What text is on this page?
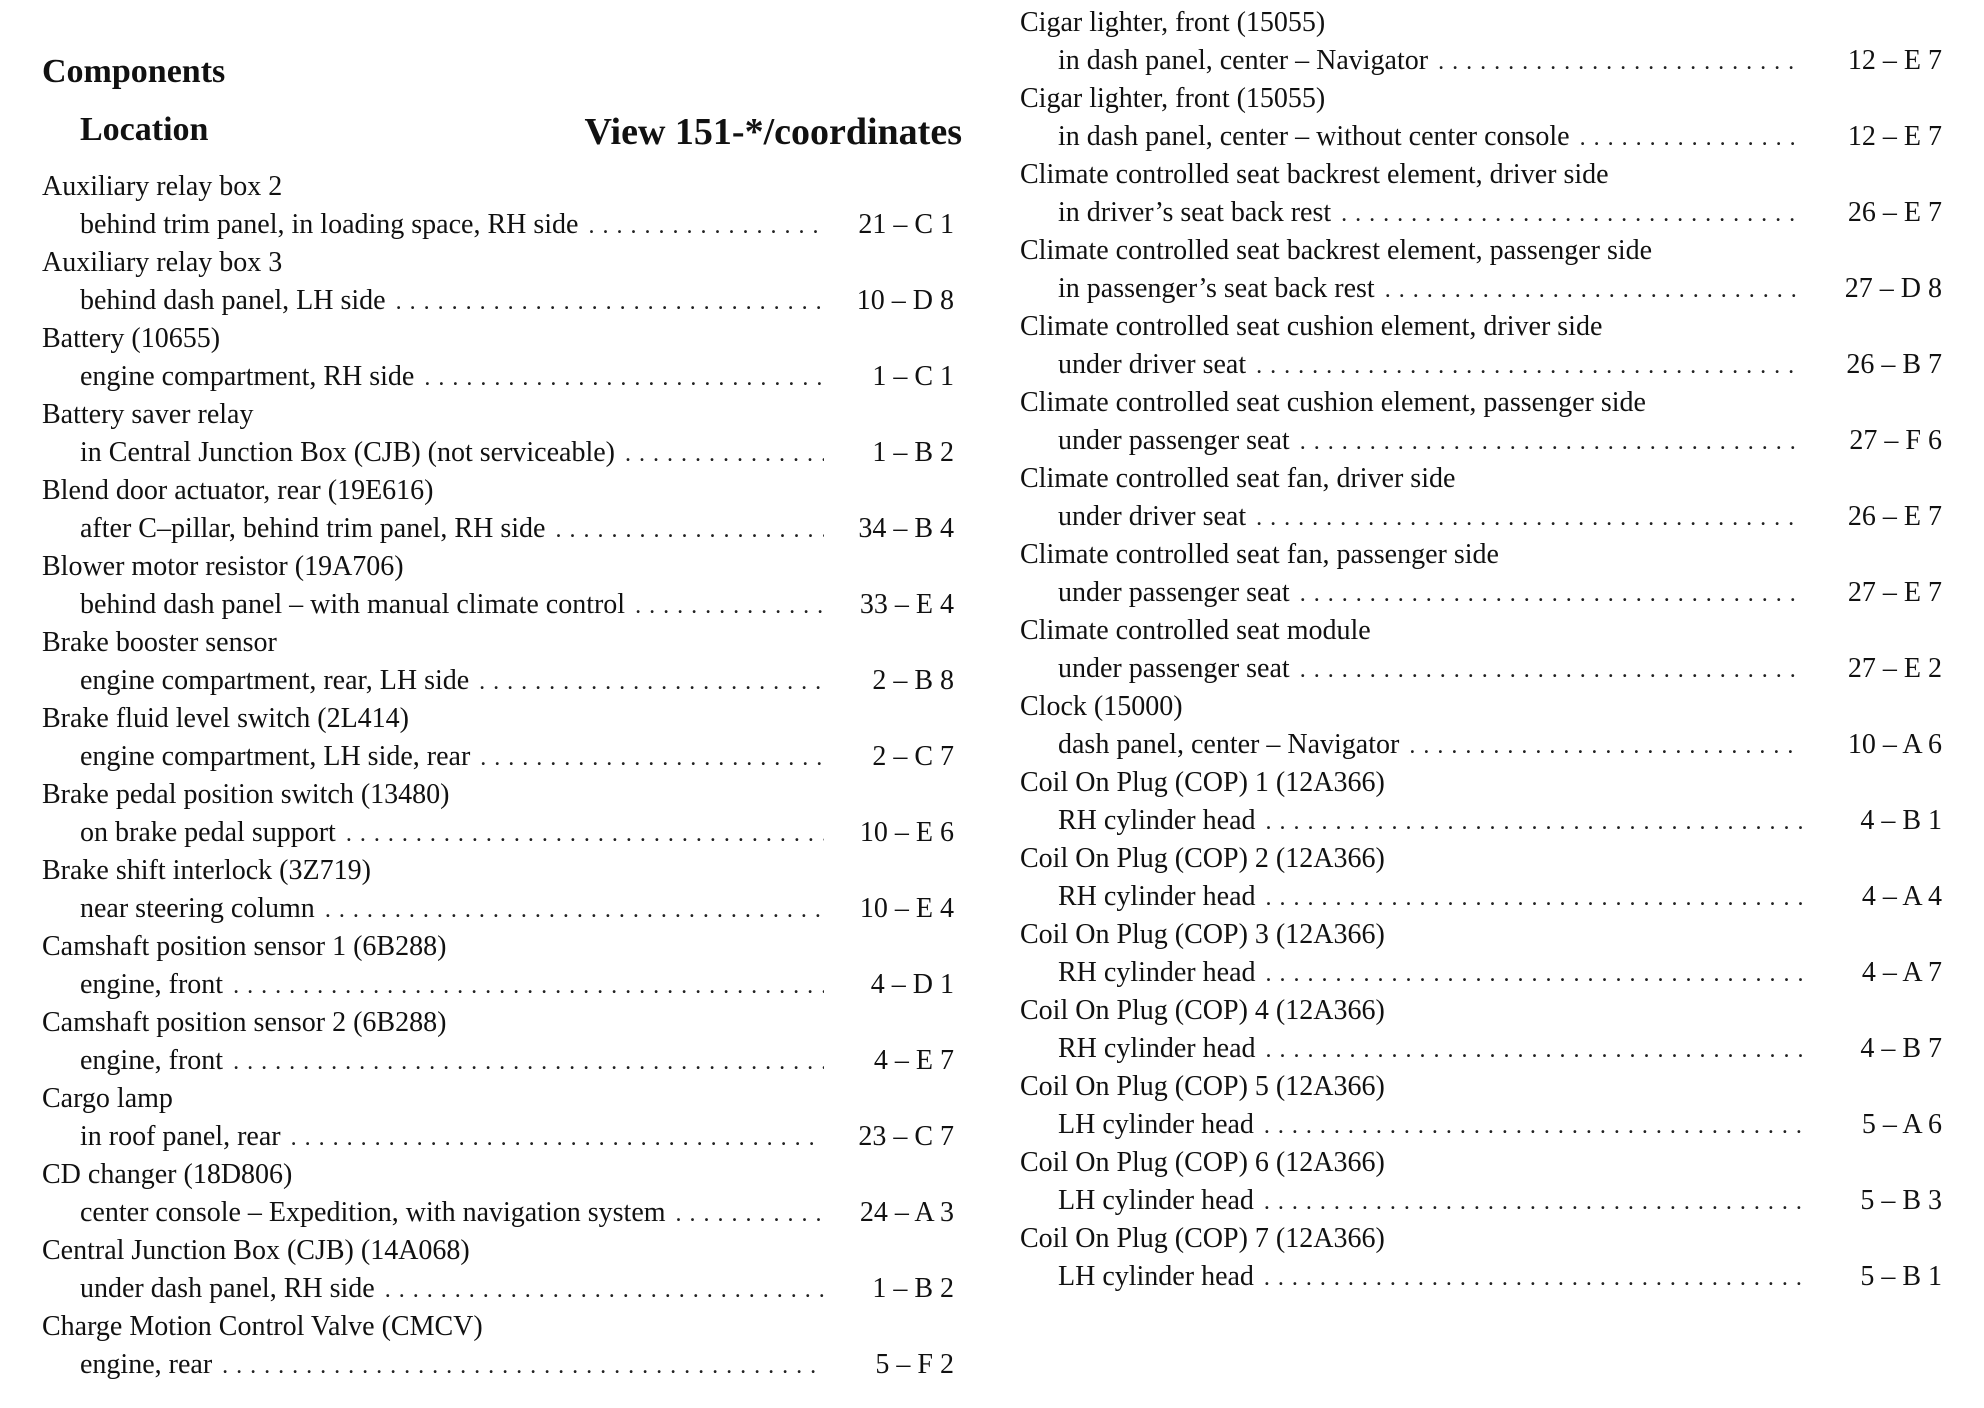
Components
Location	View 151-*/coordinates
Auxiliary relay box 2
behind trim panel, in loading space, RH side . . .	21 – C 1
Auxiliary relay box 3
behind dash panel, LH side . . .	10 – D 8
Battery (10655)
engine compartment, RH side . . .	1 – C 1
Battery saver relay
in Central Junction Box (CJB) (not serviceable) . . .	1 – B 2
Blend door actuator, rear (19E616)
after C–pillar, behind trim panel, RH side . . .	34 – B 4
Blower motor resistor (19A706)
behind dash panel – with manual climate control . . .	33 – E 4
Brake booster sensor
engine compartment, rear, LH side . . .	2 – B 8
Brake fluid level switch (2L414)
engine compartment, LH side, rear . . .	2 – C 7
Brake pedal position switch (13480)
on brake pedal support . . .	10 – E 6
Brake shift interlock (3Z719)
near steering column . . .	10 – E 4
Camshaft position sensor 1 (6B288)
engine, front . . .	4 – D 1
Camshaft position sensor 2 (6B288)
engine, front . . .	4 – E 7
Cargo lamp
in roof panel, rear . . .	23 – C 7
CD changer (18D806)
center console – Expedition, with navigation system . . .	24 – A 3
Central Junction Box (CJB) (14A068)
under dash panel, RH side . . .	1 – B 2
Charge Motion Control Valve (CMCV)
engine, rear . . .	5 – F 2
Cigar lighter, front (15055)
in dash panel, center – Navigator . . .	12 – E 7
Cigar lighter, front (15055)
in dash panel, center – without center console . . .	12 – E 7
Climate controlled seat backrest element, driver side
in driver’s seat back rest . . .	26 – E 7
Climate controlled seat backrest element, passenger side
in passenger’s seat back rest . . .	27 – D 8
Climate controlled seat cushion element, driver side
under driver seat . . .	26 – B 7
Climate controlled seat cushion element, passenger side
under passenger seat . . .	27 – F 6
Climate controlled seat fan, driver side
under driver seat . . .	26 – E 7
Climate controlled seat fan, passenger side
under passenger seat . . .	27 – E 7
Climate controlled seat module
under passenger seat . . .	27 – E 2
Clock (15000)
dash panel, center – Navigator . . .	10 – A 6
Coil On Plug (COP) 1 (12A366)
RH cylinder head . . .	4 – B 1
Coil On Plug (COP) 2 (12A366)
RH cylinder head . . .	4 – A 4
Coil On Plug (COP) 3 (12A366)
RH cylinder head . . .	4 – A 7
Coil On Plug (COP) 4 (12A366)
RH cylinder head . . .	4 – B 7
Coil On Plug (COP) 5 (12A366)
LH cylinder head . . .	5 – A 6
Coil On Plug (COP) 6 (12A366)
LH cylinder head . . .	5 – B 3
Coil On Plug (COP) 7 (12A366)
LH cylinder head . . .	5 – B 1
